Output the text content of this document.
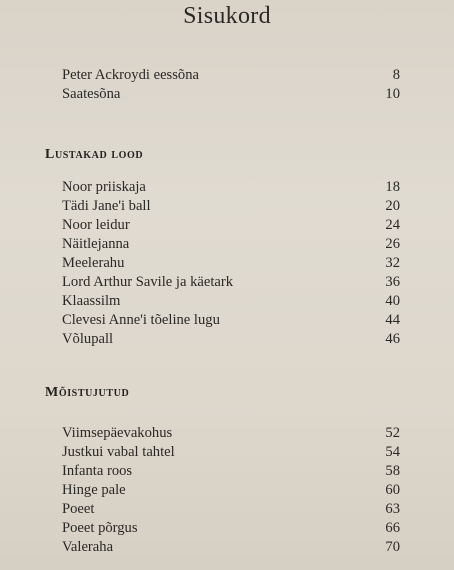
Sisukord
Peter Ackroydi eessõna	8
Saatesõna	10
Lustakad lood
Noor priiskaja	18
Tädi Jane'i ball	20
Noor leidur	24
Näitlejanna	26
Meelerahu	32
Lord Arthur Savile ja käetark	36
Klaassilm	40
Clevesi Anne'i tõeline lugu	44
Võlupall	46
Mõistujutud
Viimsepäevakohus	52
Justkui vabal tahtel	54
Infanta roos	58
Hinge pale	60
Poeet	63
Poeet põrgus	66
Valeraha	70
